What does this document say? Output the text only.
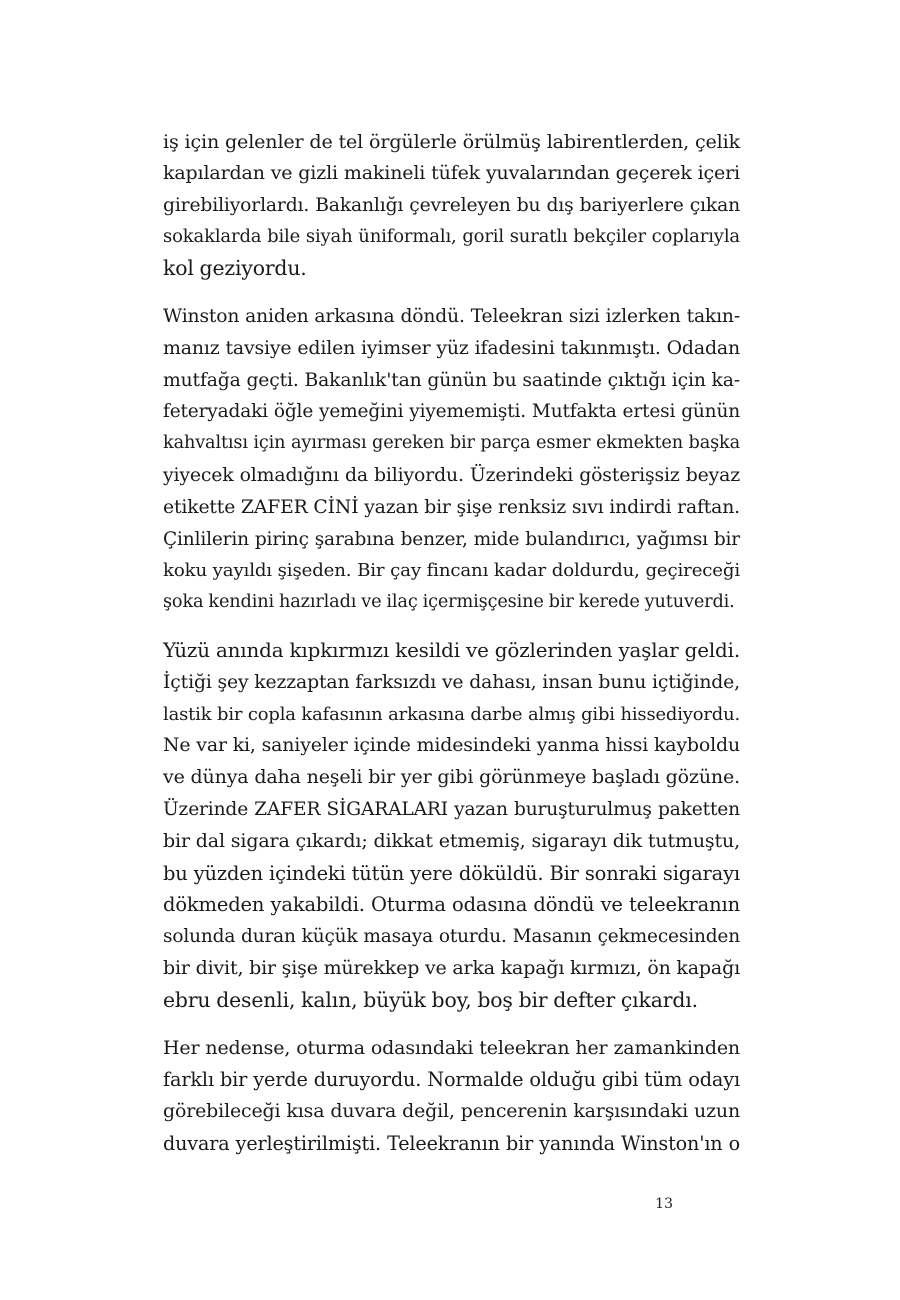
iş için gelenler de tel örgülerle örülmüş labirentlerden, çelik
kapılardan ve gizli makineli tüfek yuvalarından geçerek içeri
girebiliyorlardı. Bakanlığı çevreleyen bu dış bariyerlere çıkan
sokaklarda bile siyah üniformalı, goril suratlı bekçiler coplarıyla
kol geziyordu.

Winston aniden arkasına döndü. Teleekran sizi izlerken takın-
manız tavsiye edilen iyimser yüz ifadesini takınmıştı. Odadan
mutfağa geçti. Bakanlık'tan günün bu saatinde çıktığı için ka-
feteryadaki öğle yemeğini yiyememişti. Mutfakta ertesi günün
kahvaltısı için ayırması gereken bir parça esmer ekmekten başka
yiyecek olmadığını da biliyordu. Üzerindeki gösterişsiz beyaz
etikette ZAFER CİNİ yazan bir şişe renksiz sıvı indirdi raftan.
Çinlilerin pirinç şarabına benzer, mide bulandırıcı, yağımsı bir
koku yayıldı şişeden. Bir çay fincanı kadar doldurdu, geçireceği
şoka kendini hazırladı ve ilaç içermişçesine bir kerede yutuverdi.

Yüzü anında kıpkırmızı kesildi ve gözlerinden yaşlar geldi.
İçtiği şey kezzaptan farksızdı ve dahası, insan bunu içtiğinde,
lastik bir copla kafasının arkasına darbe almış gibi hissediyordu.
Ne var ki, saniyeler içinde midesindeki yanma hissi kayboldu
ve dünya daha neşeli bir yer gibi görünmeye başladı gözüne.
Üzerinde ZAFER SİGARALARI yazan buruşturulmuş paketten
bir dal sigara çıkardı; dikkat etmemiş, sigarayı dik tutmuştu,
bu yüzden içindeki tütün yere döküldü. Bir sonraki sigarayı
dökmeden yakabildi. Oturma odasına döndü ve teleekranın
solunda duran küçük masaya oturdu. Masanın çekmecesinden
bir divit, bir şişe mürekkep ve arka kapağı kırmızı, ön kapağı
ebru desenli, kalın, büyük boy, boş bir defter çıkardı.

Her nedense, oturma odasındaki teleekran her zamankinden
farklı bir yerde duruyordu. Normalde olduğu gibi tüm odayı
görebileceği kısa duvara değil, pencerenin karşısındaki uzun
duvara yerleştirilmişti. Teleekranın bir yanında Winston'ın o

13
